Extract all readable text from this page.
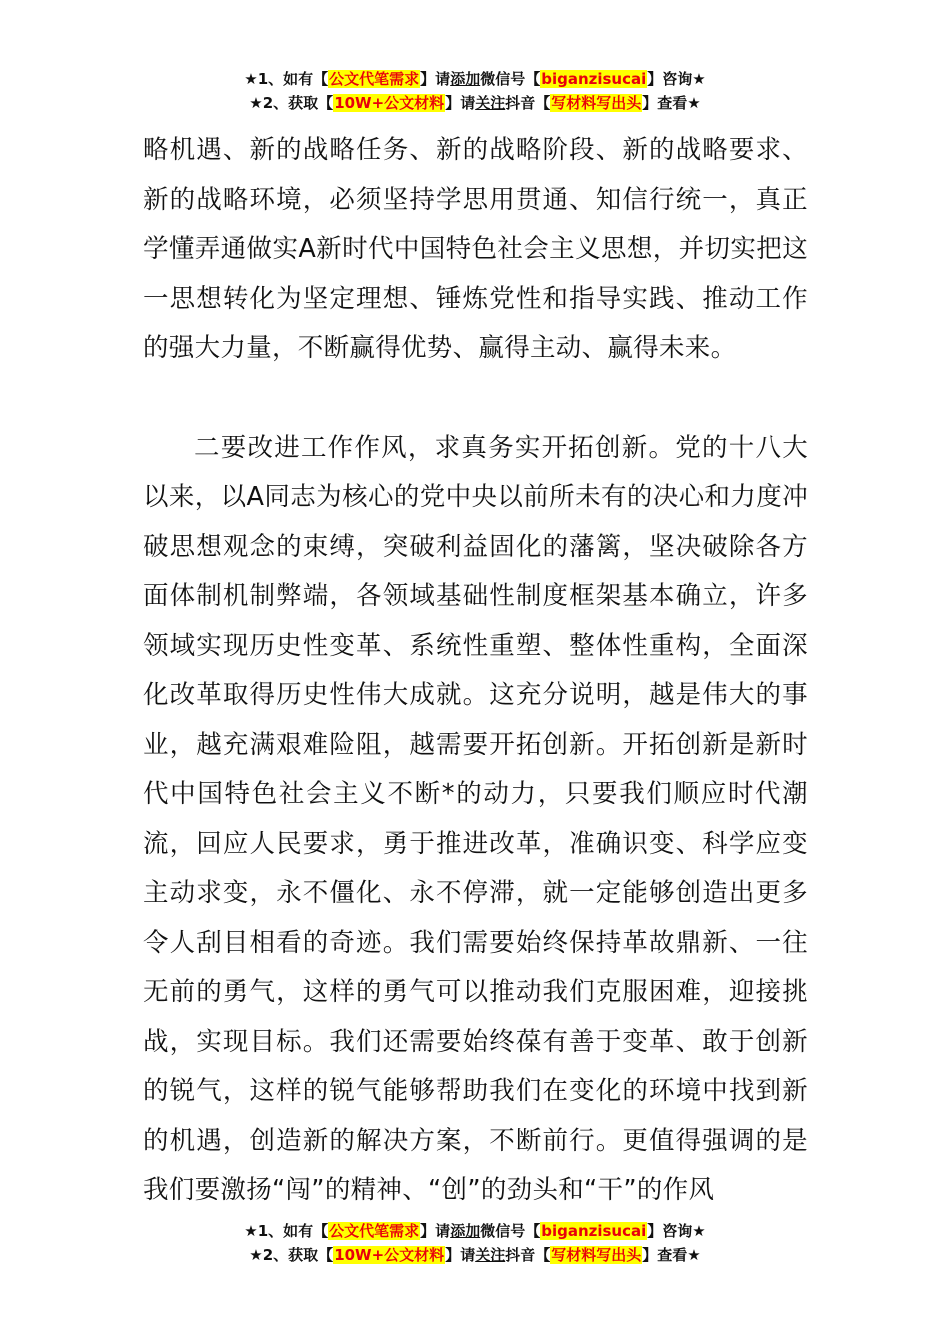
★1、如有【公文代笔需求】请添加微信号【biganzisucai】咨询★
★2、获取【10W+公文材料】请关注抖音【写材料写出头】查看★

略机遇、新的战略任务、新的战略阶段、新的战略要求、新的战略环境，必须坚持学思用贯通、知信行统一，真正学懂弄通做实A新时代中国特色社会主义思想，并切实把这一思想转化为坚定理想、锤炼党性和指导实践、推动工作的强大力量，不断赢得优势、赢得主动、赢得未来。

二要改进工作作风，求真务实开拓创新。党的十八大以来，以A同志为核心的党中央以前所未有的决心和力度冲破思想观念的束缚，突破利益固化的藩篱，坚决破除各方面体制机制弊端，各领域基础性制度框架基本确立，许多领域实现历史性变革、系统性重塑、整体性重构，全面深化改革取得历史性伟大成就。这充分说明，越是伟大的事业，越充满艰难险阻，越需要开拓创新。开拓创新是新时代中国特色社会主义不断*的动力，只要我们顺应时代潮流，回应人民要求，勇于推进改革，准确识变、科学应变主动求变，永不僵化、永不停滞，就一定能够创造出更多令人刮目相看的奇迹。我们需要始终保持革故鼎新、一往无前的勇气，这样的勇气可以推动我们克服困难，迎接挑战，实现目标。我们还需要始终葆有善于变革、敢于创新的锐气，这样的锐气能够帮助我们在变化的环境中找到新的机遇，创造新的解决方案，不断前行。更值得强调的是我们要激扬“闯”的精神、“创”的劲头和“干”的作风

★1、如有【公文代笔需求】请添加微信号【biganzisucai】咨询★
★2、获取【10W+公文材料】请关注抖音【写材料写出头】查看★
